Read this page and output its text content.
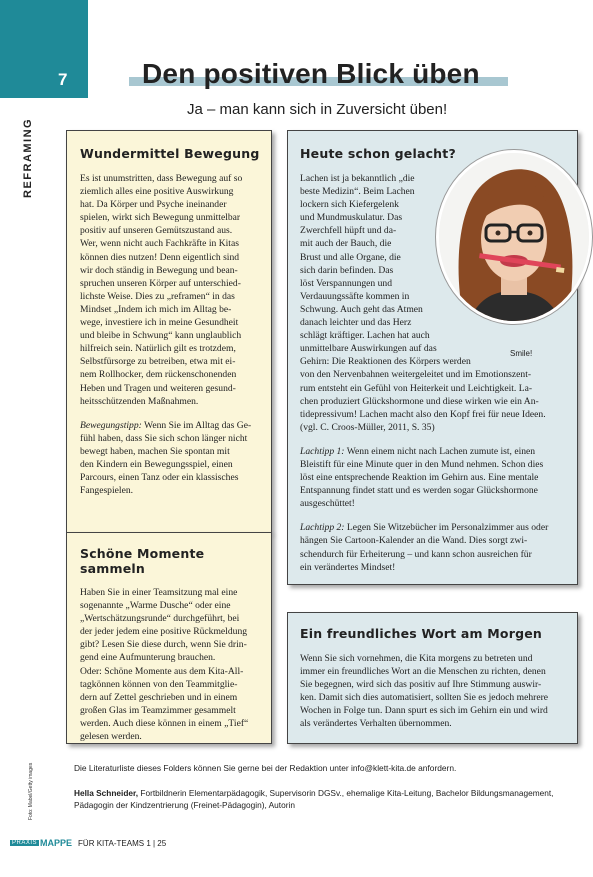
7
REFRAMING
Den positiven Blick üben
Ja – man kann sich in Zuversicht üben!
Wundermittel Bewegung

Es ist unumstritten, dass Bewegung auf so
ziemlich alles eine positive Auswirkung
hat. Da Körper und Psyche ineinander
spielen, wirkt sich Bewegung unmittelbar
positiv auf unseren Gemütszustand aus.
Wer, wenn nicht auch Fachkräfte in Kitas
können dies nutzen! Denn eigentlich sind
wir doch ständig in Bewegung und bean-
spruchen unseren Körper auf unterschied-
lichste Weise. Dies zu „reframen“ in das
Mindset „Indem ich mich im Alltag be-
wege, investiere ich in meine Gesundheit
und bleibe in Schwung“ kann unglaublich
hilfreich sein. Natürlich gilt es trotzdem,
Selbstfürsorge zu betreiben, etwa mit ei-
nem Rollhocker, dem rückenschonenden
Heben und Tragen und weiteren gesund-
heitsschützenden Maßnahmen.

Bewegungstipp: Wenn Sie im Alltag das Ge-
fühl haben, dass Sie sich schon länger nicht
bewegt haben, machen Sie spontan mit
den Kindern ein Bewegungsspiel, einen
Parcours, einen Tanz oder ein klassisches
Fangespielen.

Schöne Momente sammeln

Haben Sie in einer Teamsitzung mal eine
sogenannte „Warme Dusche“ oder eine
„Wertschätzungsrunde“ durchgeführt, bei
der jeder jedem eine positive Rückmeldung
gibt? Lesen Sie diese durch, wenn Sie drin-
gend eine Aufmunterung brauchen.
Oder: Schöne Momente aus dem Kita-All-
tagkönnen können von den Teammitglie-
dern auf Zettel geschrieben und in einem
großen Glas im Teamzimmer gesammelt
werden. Auch diese können in einem „Tief“
gelesen werden.

Heute schon gelacht?

Lachen ist ja bekanntlich „die
beste Medizin“. Beim Lachen
lockern sich Kiefergelenk
und Mundmuskulatur. Das
Zwerchfell hüpft und da-
mit auch der Bauch, die
Brust und alle Organe, die
sich darin befinden. Das
löst Verspannungen und
Verdauungssäfte kommen in
Schwung. Auch geht das Atmen
danach leichter und das Herz
schlägt kräftiger. Lachen hat auch
unmittelbare Auswirkungen auf das

Gehirn: Die Reaktionen des Körpers werden
von den Nervenbahnen weitergeleitet und im Emotionszent-
rum entsteht ein Gefühl von Heiterkeit und Leichtigkeit. La-
chen produziert Glückshormone und diese wirken wie ein An-
tidepressivum! Lachen macht also den Kopf frei für neue Ideen.
(vgl. C. Croos-Müller, 2011, S. 35)

Lachtipp 1: Wenn einem nicht nach Lachen zumute ist, einen
Bleistift für eine Minute quer in den Mund nehmen. Schon dies
löst eine entsprechende Reaktion im Gehirn aus. Eine mentale
Entspannung findet statt und es werden sogar Glückshormone
ausgeschüttet!

Lachtipp 2: Legen Sie Witzebücher im Personalzimmer aus oder
hängen Sie Cartoon-Kalender an die Wand. Dies sorgt zwi-
schendurch für Erheiterung – und kann schon ausreichen für
ein verändertes Mindset!

Smile!
Ein freundliches Wort am Morgen

Wenn Sie sich vornehmen, die Kita morgens zu betreten und
immer ein freundliches Wort an die Menschen zu richten, denen
Sie begegnen, wird sich das positiv auf Ihre Stimmung auswir-
ken. Damit sich dies automatisiert, sollten Sie es jedoch mehrere
Wochen in Folge tun. Dann spurt es sich im Gehirn ein und wird
als verändertes Verhalten übernommen.

Foto: Mabel/Getty images	Die Literaturliste dieses Folders können Sie gerne bei der Redaktion unter info@klett-kita.de anfordern.
Hella Schneider, Fortbildnerin Elementarpädagogik, Supervisorin DGSv., ehemalige Kita-Leitung, Bachelor Bildungsmanagement, Pädagogin der Kindzentrierung (Freinet-Pädagogin), Autorin
PRAXIS MAPPE FÜR KITA-TEAMS 1 | 25
